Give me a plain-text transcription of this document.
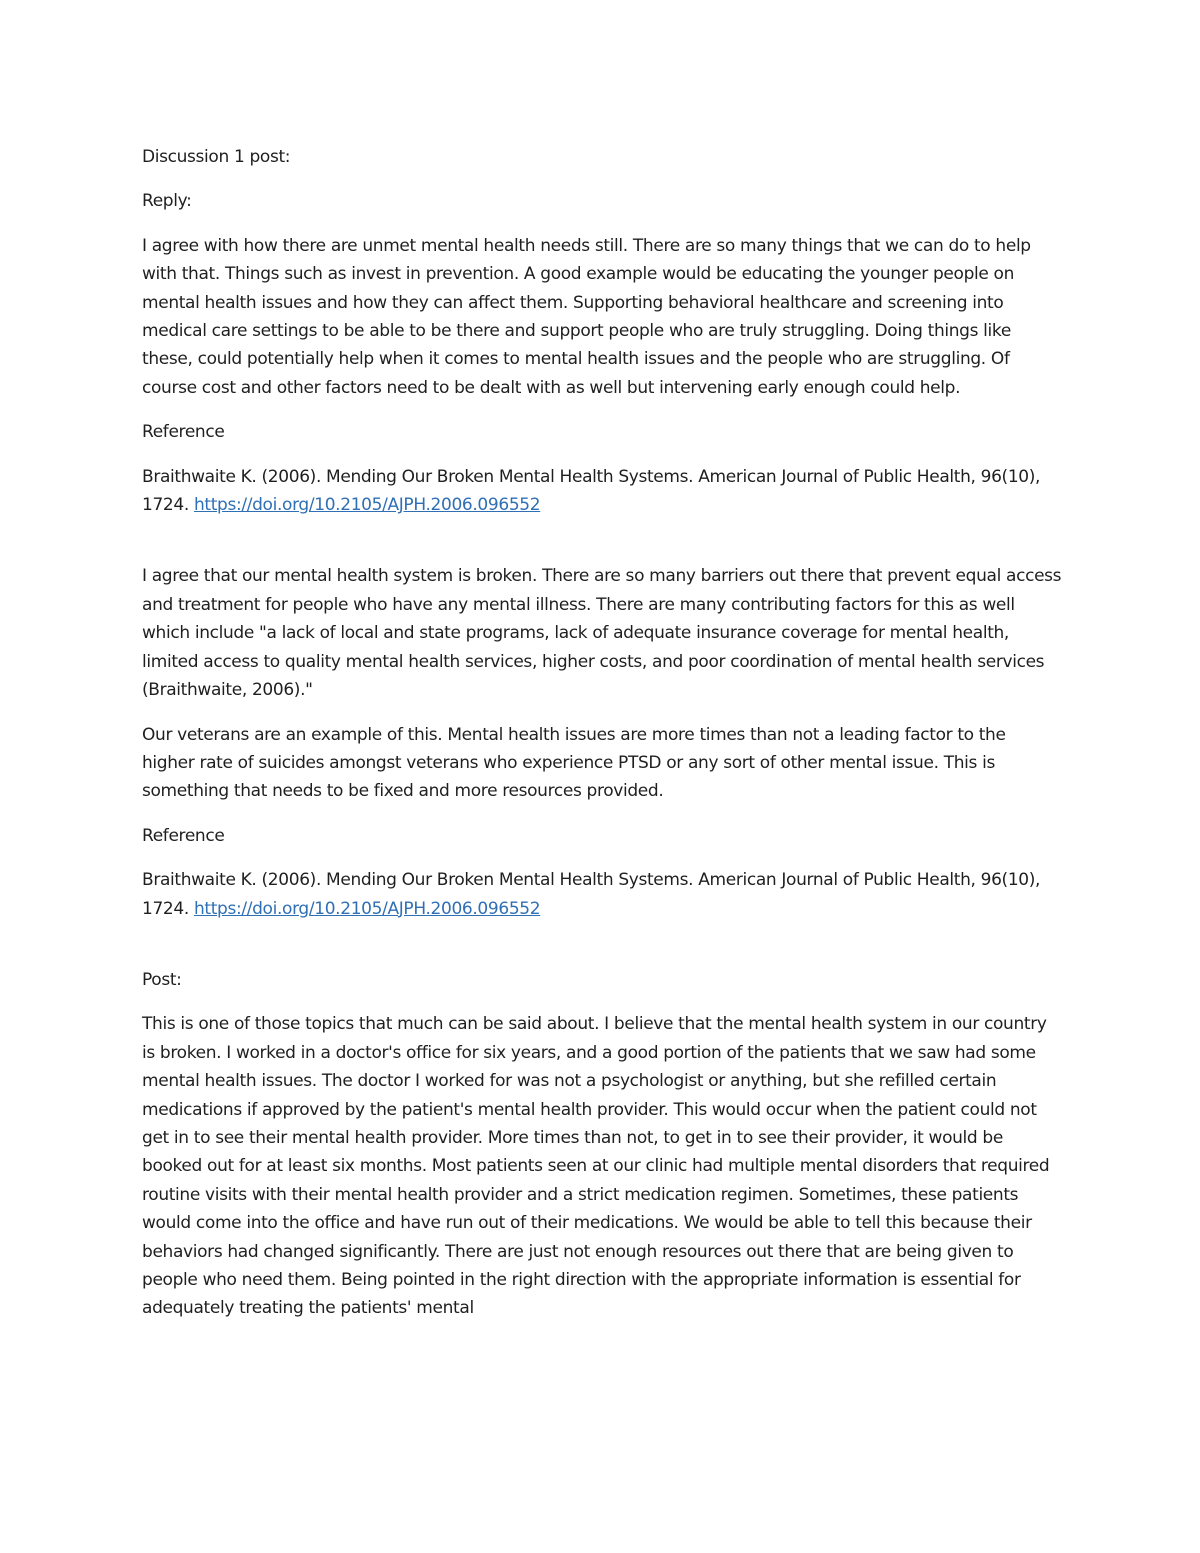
Discussion 1 post:

Reply:

I agree with how there are unmet mental health needs still. There are so many things that we can do to help with that. Things such as invest in prevention. A good example would be educating the younger people on mental health issues and how they can affect them. Supporting behavioral healthcare and screening into medical care settings to be able to be there and support people who are truly struggling. Doing things like these, could potentially help when it comes to mental health issues and the people who are struggling. Of course cost and other factors need to be dealt with as well but intervening early enough could help.

Reference

Braithwaite K. (2006). Mending Our Broken Mental Health Systems. American Journal of Public Health, 96(10), 1724. https://doi.org/10.2105/AJPH.2006.096552

I agree that our mental health system is broken. There are so many barriers out there that prevent equal access and treatment for people who have any mental illness. There are many contributing factors for this as well which include "a lack of local and state programs, lack of adequate insurance coverage for mental health, limited access to quality mental health services, higher costs, and poor coordination of mental health services (Braithwaite, 2006)."

Our veterans are an example of this. Mental health issues are more times than not a leading factor to the higher rate of suicides amongst veterans who experience PTSD or any sort of other mental issue. This is something that needs to be fixed and more resources provided.

Reference

Braithwaite K. (2006). Mending Our Broken Mental Health Systems. American Journal of Public Health, 96(10), 1724. https://doi.org/10.2105/AJPH.2006.096552

Post:

This is one of those topics that much can be said about. I believe that the mental health system in our country is broken. I worked in a doctor's office for six years, and a good portion of the patients that we saw had some mental health issues. The doctor I worked for was not a psychologist or anything, but she refilled certain medications if approved by the patient's mental health provider. This would occur when the patient could not get in to see their mental health provider. More times than not, to get in to see their provider, it would be booked out for at least six months. Most patients seen at our clinic had multiple mental disorders that required routine visits with their mental health provider and a strict medication regimen. Sometimes, these patients would come into the office and have run out of their medications. We would be able to tell this because their behaviors had changed significantly. There are just not enough resources out there that are being given to people who need them. Being pointed in the right direction with the appropriate information is essential for adequately treating the patients' mental
